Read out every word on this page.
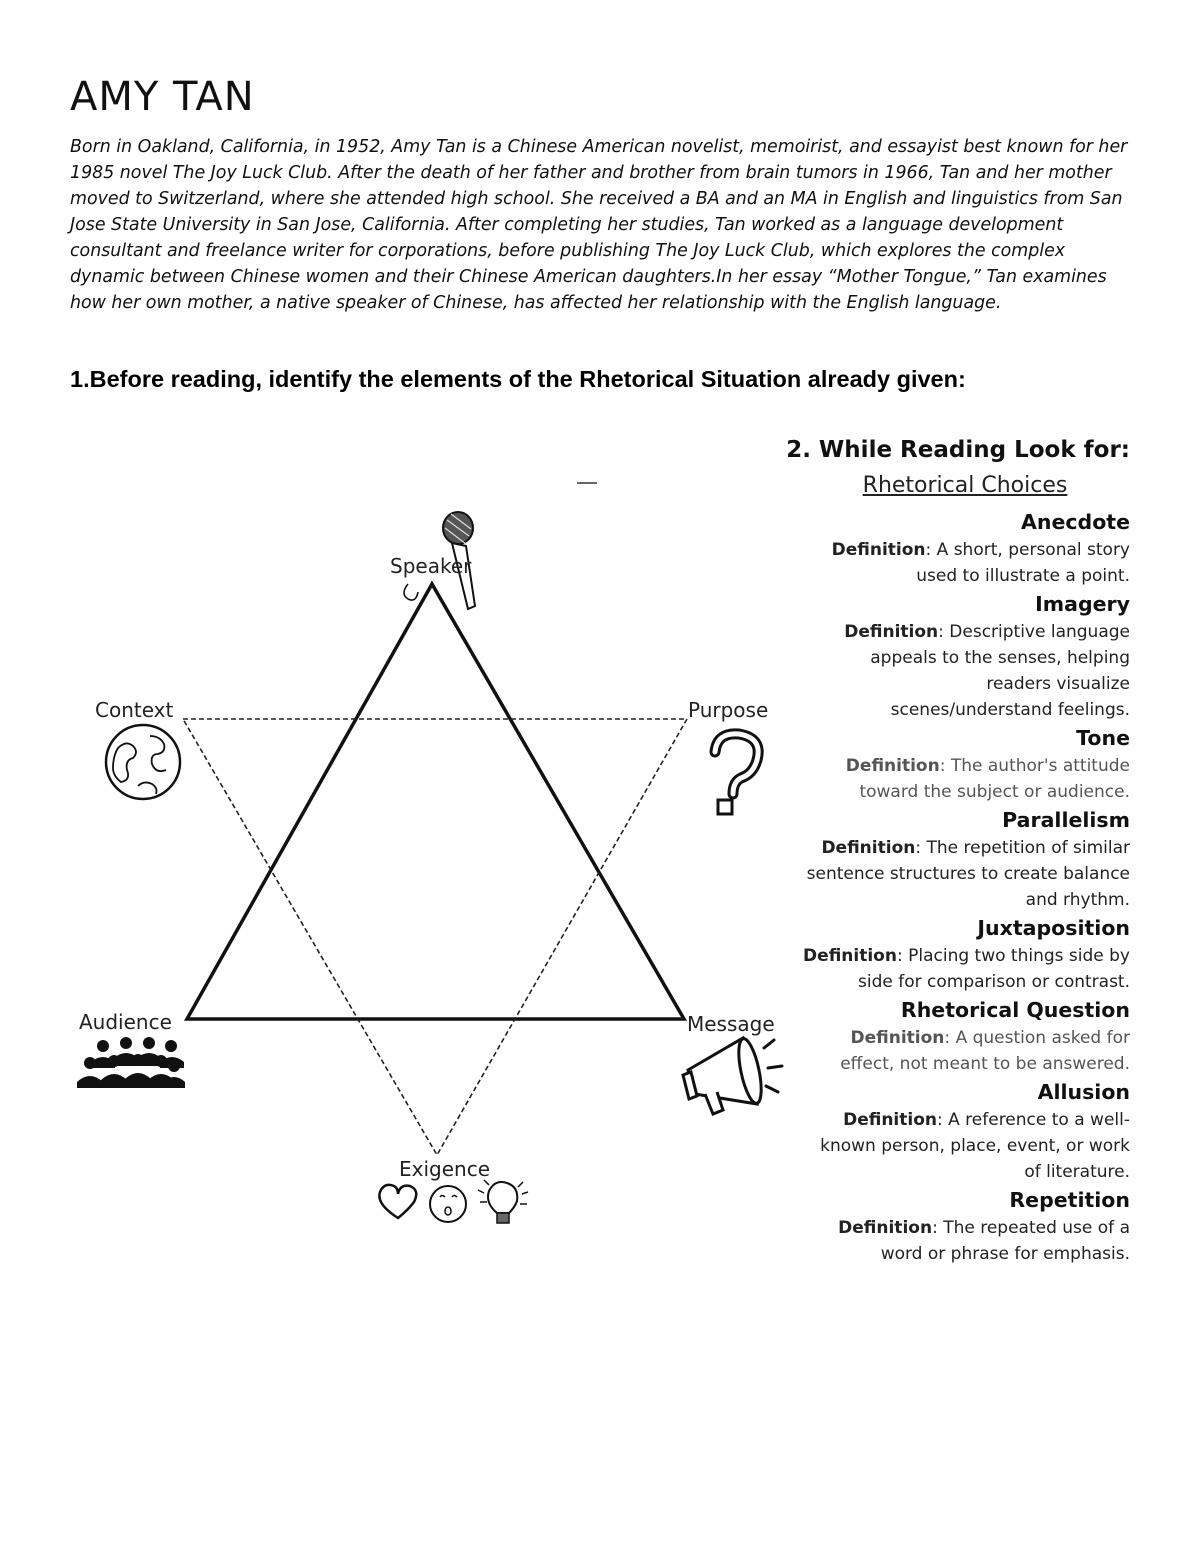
AMY TAN

Born in Oakland, California, in 1952, Amy Tan is a Chinese American novelist, memoirist, and essayist best known for her 1985 novel The Joy Luck Club. After the death of her father and brother from brain tumors in 1966, Tan and her mother moved to Switzerland, where she attended high school. She received a BA and an MA in English and linguistics from San Jose State University in San Jose, California. After completing her studies, Tan worked as a language development consultant and freelance writer for corporations, before publishing The Joy Luck Club, which explores the complex dynamic between Chinese women and their Chinese American daughters.In her essay “Mother Tongue,” Tan examines how her own mother, a native speaker of Chinese, has affected her relationship with the English language.

1.Before reading, identify the elements of the Rhetorical Situation already given:

Speaker
Context	Purpose
Audience	Message
Exigence

2. While Reading Look for:

Rhetorical Choices

Anecdote

Definition: A short, personal story used to illustrate a point.

Imagery

Definition: Descriptive language appeals to the senses, helping readers visualize scenes/understand feelings.

Tone

Definition: The author's attitude toward the subject or audience.

Parallelism

Definition: The repetition of similar sentence structures to create balance and rhythm.

Juxtaposition

Definition: Placing two things side by side for comparison or contrast.

Rhetorical Question

Definition: A question asked for effect, not meant to be answered.

Allusion

Definition: A reference to a well-known person, place, event, or work of literature.

Repetition

Definition: The repeated use of a word or phrase for emphasis.
